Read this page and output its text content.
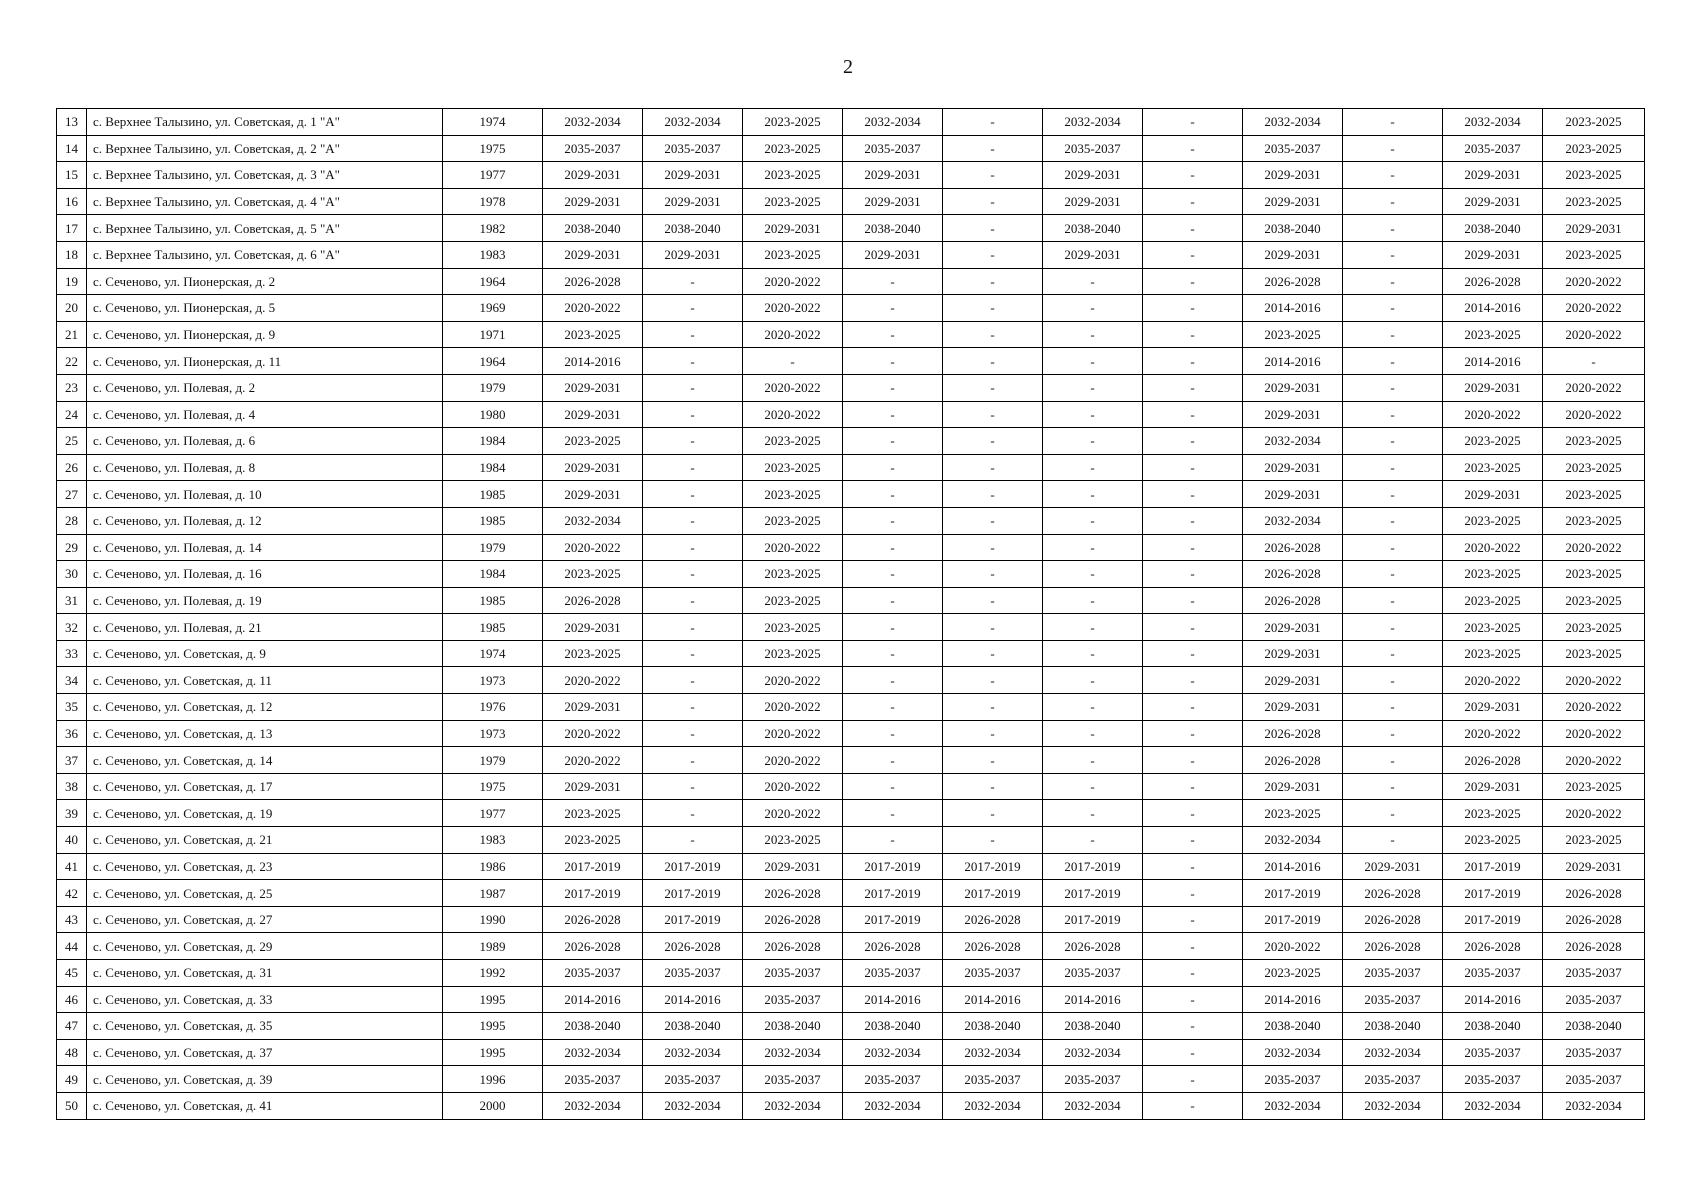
2
13	с. Верхнее Талызино, ул. Советская, д. 1 "А"	1974	2032-2034	2032-2034	2023-2025	2032-2034	-	2032-2034	-	2032-2034	-	2032-2034	2023-2025
14	с. Верхнее Талызино, ул. Советская, д. 2 "А"	1975	2035-2037	2035-2037	2023-2025	2035-2037	-	2035-2037	-	2035-2037	-	2035-2037	2023-2025
15	с. Верхнее Талызино, ул. Советская, д. 3 "А"	1977	2029-2031	2029-2031	2023-2025	2029-2031	-	2029-2031	-	2029-2031	-	2029-2031	2023-2025
16	с. Верхнее Талызино, ул. Советская, д. 4 "А"	1978	2029-2031	2029-2031	2023-2025	2029-2031	-	2029-2031	-	2029-2031	-	2029-2031	2023-2025
17	с. Верхнее Талызино, ул. Советская, д. 5 "А"	1982	2038-2040	2038-2040	2029-2031	2038-2040	-	2038-2040	-	2038-2040	-	2038-2040	2029-2031
18	с. Верхнее Талызино, ул. Советская, д. 6 "А"	1983	2029-2031	2029-2031	2023-2025	2029-2031	-	2029-2031	-	2029-2031	-	2029-2031	2023-2025
19	с. Сеченово, ул. Пионерская, д. 2	1964	2026-2028	-	2020-2022	-	-	-	-	2026-2028	-	2026-2028	2020-2022
20	с. Сеченово, ул. Пионерская, д. 5	1969	2020-2022	-	2020-2022	-	-	-	-	2014-2016	-	2014-2016	2020-2022
21	с. Сеченово, ул. Пионерская, д. 9	1971	2023-2025	-	2020-2022	-	-	-	-	2023-2025	-	2023-2025	2020-2022
22	с. Сеченово, ул. Пионерская, д. 11	1964	2014-2016	-	-	-	-	-	-	2014-2016	-	2014-2016	-
23	с. Сеченово, ул. Полевая, д. 2	1979	2029-2031	-	2020-2022	-	-	-	-	2029-2031	-	2029-2031	2020-2022
24	с. Сеченово, ул. Полевая, д. 4	1980	2029-2031	-	2020-2022	-	-	-	-	2029-2031	-	2020-2022	2020-2022
25	с. Сеченово, ул. Полевая, д. 6	1984	2023-2025	-	2023-2025	-	-	-	-	2032-2034	-	2023-2025	2023-2025
26	с. Сеченово, ул. Полевая, д. 8	1984	2029-2031	-	2023-2025	-	-	-	-	2029-2031	-	2023-2025	2023-2025
27	с. Сеченово, ул. Полевая, д. 10	1985	2029-2031	-	2023-2025	-	-	-	-	2029-2031	-	2029-2031	2023-2025
28	с. Сеченово, ул. Полевая, д. 12	1985	2032-2034	-	2023-2025	-	-	-	-	2032-2034	-	2023-2025	2023-2025
29	с. Сеченово, ул. Полевая, д. 14	1979	2020-2022	-	2020-2022	-	-	-	-	2026-2028	-	2020-2022	2020-2022
30	с. Сеченово, ул. Полевая, д. 16	1984	2023-2025	-	2023-2025	-	-	-	-	2026-2028	-	2023-2025	2023-2025
31	с. Сеченово, ул. Полевая, д. 19	1985	2026-2028	-	2023-2025	-	-	-	-	2026-2028	-	2023-2025	2023-2025
32	с. Сеченово, ул. Полевая, д. 21	1985	2029-2031	-	2023-2025	-	-	-	-	2029-2031	-	2023-2025	2023-2025
33	с. Сеченово, ул. Советская, д. 9	1974	2023-2025	-	2023-2025	-	-	-	-	2029-2031	-	2023-2025	2023-2025
34	с. Сеченово, ул. Советская, д. 11	1973	2020-2022	-	2020-2022	-	-	-	-	2029-2031	-	2020-2022	2020-2022
35	с. Сеченово, ул. Советская, д. 12	1976	2029-2031	-	2020-2022	-	-	-	-	2029-2031	-	2029-2031	2020-2022
36	с. Сеченово, ул. Советская, д. 13	1973	2020-2022	-	2020-2022	-	-	-	-	2026-2028	-	2020-2022	2020-2022
37	с. Сеченово, ул. Советская, д. 14	1979	2020-2022	-	2020-2022	-	-	-	-	2026-2028	-	2026-2028	2020-2022
38	с. Сеченово, ул. Советская, д. 17	1975	2029-2031	-	2020-2022	-	-	-	-	2029-2031	-	2029-2031	2023-2025
39	с. Сеченово, ул. Советская, д. 19	1977	2023-2025	-	2020-2022	-	-	-	-	2023-2025	-	2023-2025	2020-2022
40	с. Сеченово, ул. Советская, д. 21	1983	2023-2025	-	2023-2025	-	-	-	-	2032-2034	-	2023-2025	2023-2025
41	с. Сеченово, ул. Советская, д. 23	1986	2017-2019	2017-2019	2029-2031	2017-2019	2017-2019	2017-2019	-	2014-2016	2029-2031	2017-2019	2029-2031
42	с. Сеченово, ул. Советская, д. 25	1987	2017-2019	2017-2019	2026-2028	2017-2019	2017-2019	2017-2019	-	2017-2019	2026-2028	2017-2019	2026-2028
43	с. Сеченово, ул. Советская, д. 27	1990	2026-2028	2017-2019	2026-2028	2017-2019	2026-2028	2017-2019	-	2017-2019	2026-2028	2017-2019	2026-2028
44	с. Сеченово, ул. Советская, д. 29	1989	2026-2028	2026-2028	2026-2028	2026-2028	2026-2028	2026-2028	-	2020-2022	2026-2028	2026-2028	2026-2028
45	с. Сеченово, ул. Советская, д. 31	1992	2035-2037	2035-2037	2035-2037	2035-2037	2035-2037	2035-2037	-	2023-2025	2035-2037	2035-2037	2035-2037
46	с. Сеченово, ул. Советская, д. 33	1995	2014-2016	2014-2016	2035-2037	2014-2016	2014-2016	2014-2016	-	2014-2016	2035-2037	2014-2016	2035-2037
47	с. Сеченово, ул. Советская, д. 35	1995	2038-2040	2038-2040	2038-2040	2038-2040	2038-2040	2038-2040	-	2038-2040	2038-2040	2038-2040	2038-2040
48	с. Сеченово, ул. Советская, д. 37	1995	2032-2034	2032-2034	2032-2034	2032-2034	2032-2034	2032-2034	-	2032-2034	2032-2034	2035-2037	2035-2037
49	с. Сеченово, ул. Советская, д. 39	1996	2035-2037	2035-2037	2035-2037	2035-2037	2035-2037	2035-2037	-	2035-2037	2035-2037	2035-2037	2035-2037
50	с. Сеченово, ул. Советская, д. 41	2000	2032-2034	2032-2034	2032-2034	2032-2034	2032-2034	2032-2034	-	2032-2034	2032-2034	2032-2034	2032-2034
